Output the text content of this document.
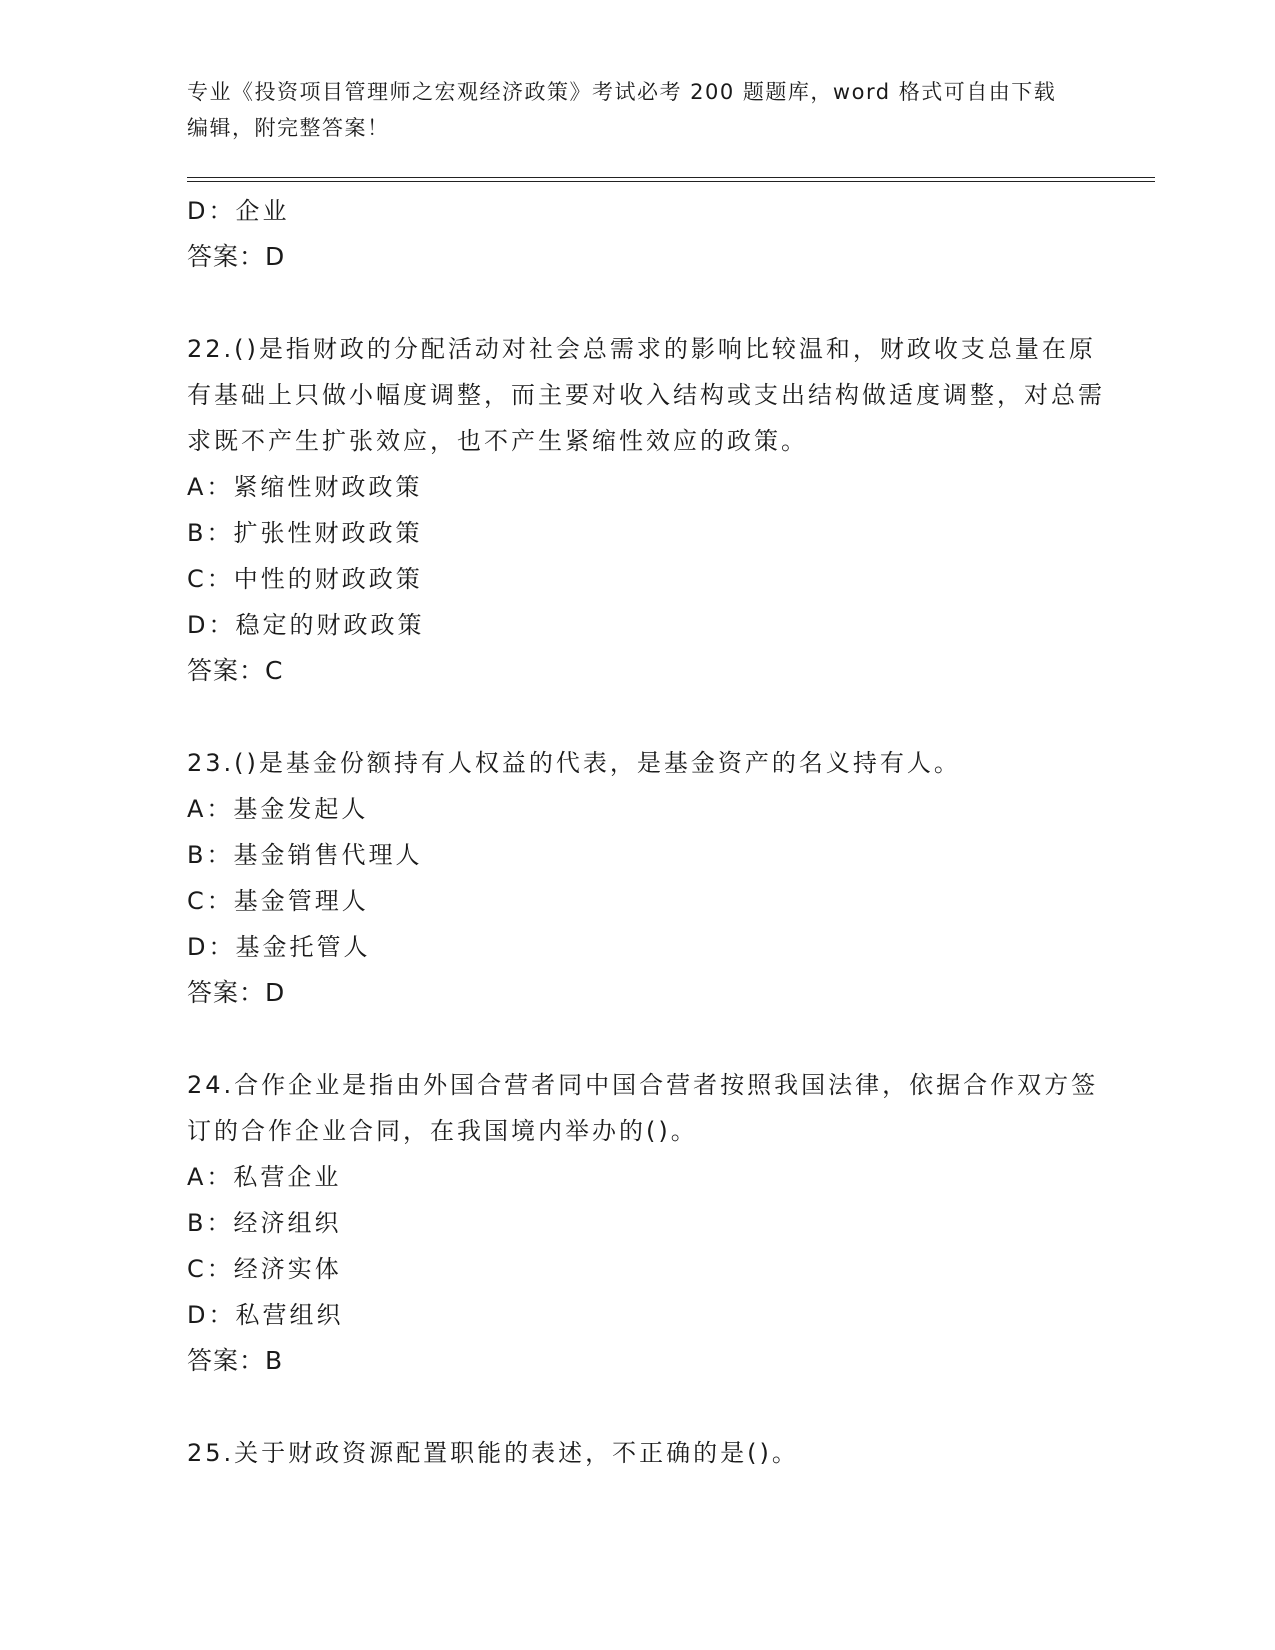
专业《投资项目管理师之宏观经济政策》考试必考 200 题题库，word 格式可自由下载编辑，附完整答案！

D：企业

答案：D

22.()是指财政的分配活动对社会总需求的影响比较温和，财政收支总量在原有基础上只做小幅度调整，而主要对收入结构或支出结构做适度调整，对总需求既不产生扩张效应，也不产生紧缩性效应的政策。

A：紧缩性财政政策

B：扩张性财政政策

C：中性的财政政策

D：稳定的财政政策

答案：C

23.()是基金份额持有人权益的代表，是基金资产的名义持有人。

A：基金发起人

B：基金销售代理人

C：基金管理人

D：基金托管人

答案：D

24.合作企业是指由外国合营者同中国合营者按照我国法律，依据合作双方签订的合作企业合同，在我国境内举办的()。

A：私营企业

B：经济组织

C：经济实体

D：私营组织

答案：B

25.关于财政资源配置职能的表述，不正确的是()。
